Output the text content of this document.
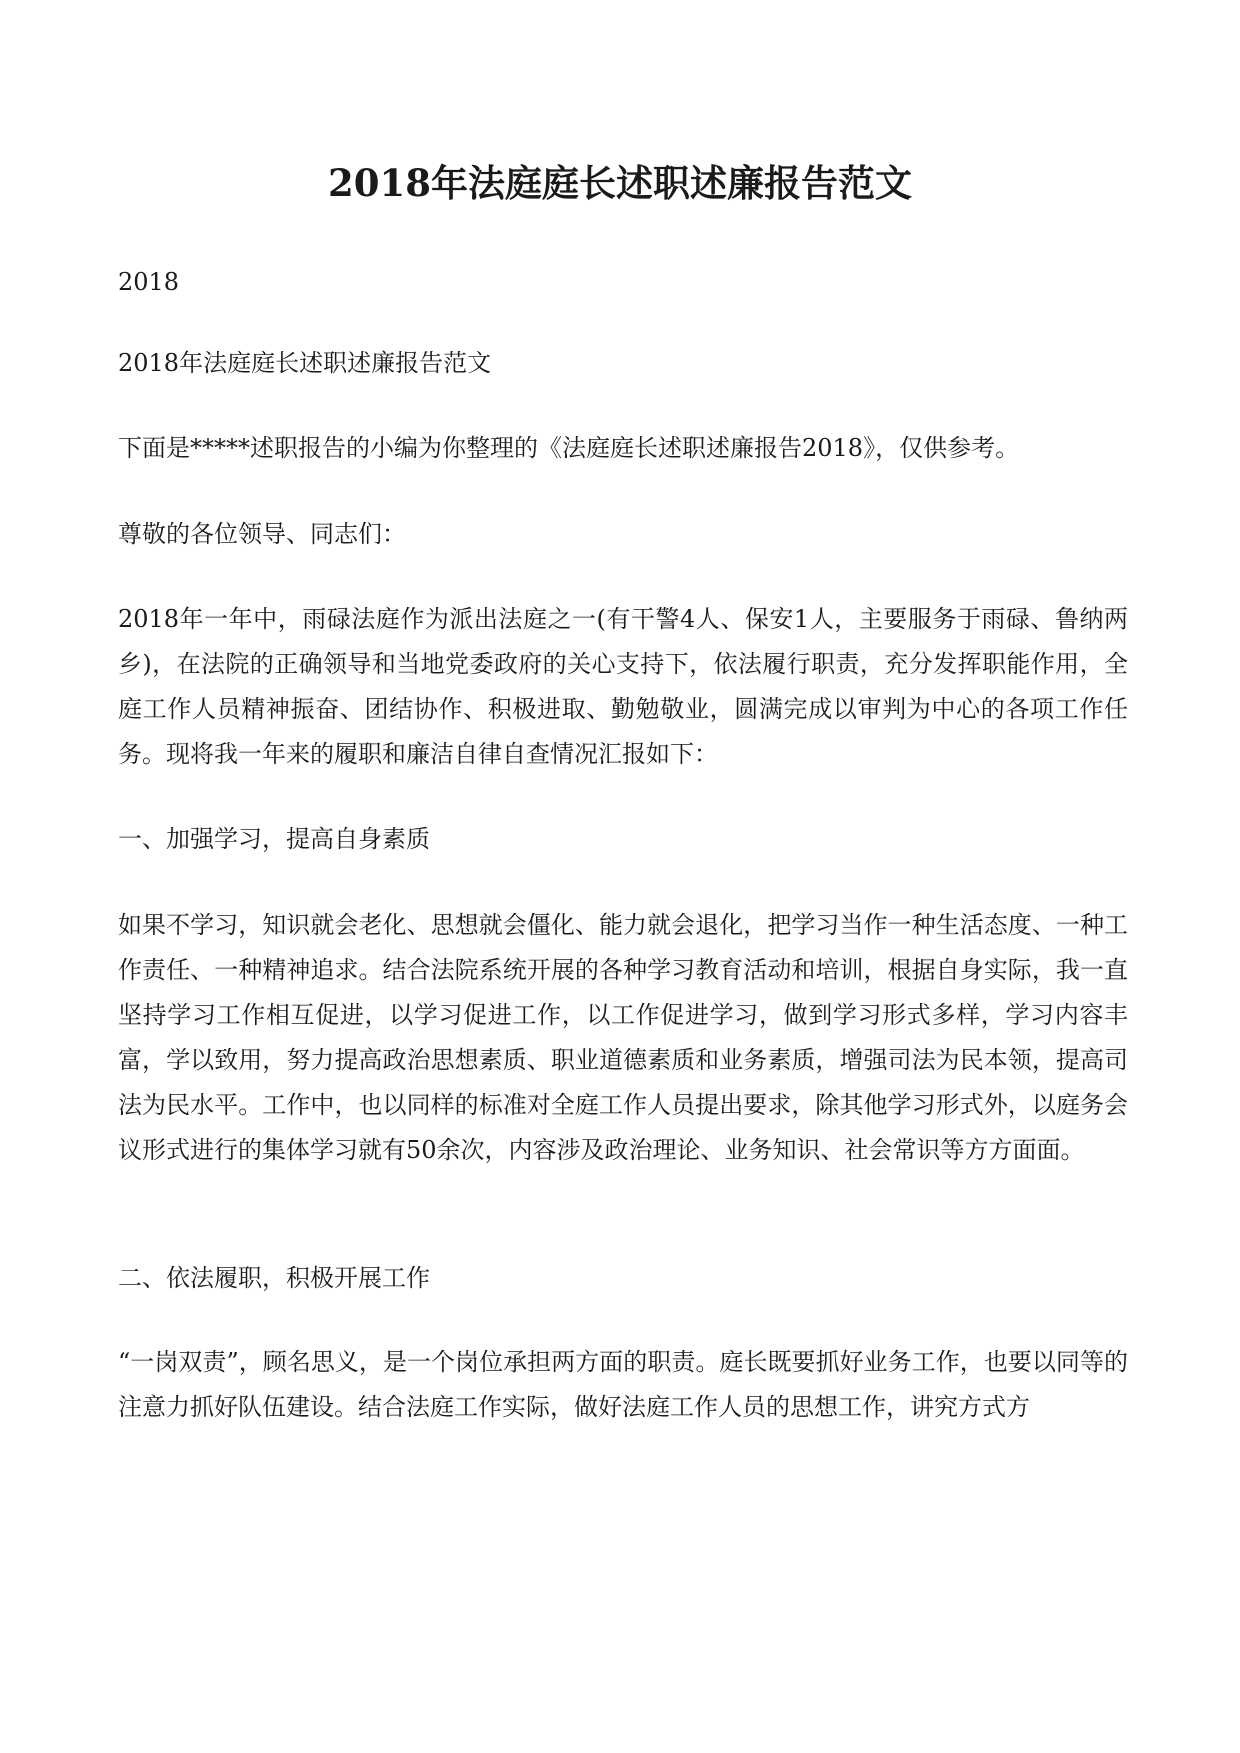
2018年法庭庭长述职述廉报告范文

2018

2018年法庭庭长述职述廉报告范文

下面是*****述职报告的小编为你整理的《法庭庭长述职述廉报告2018》，仅供参考。

尊敬的各位领导、同志们：

2018年一年中，雨碌法庭作为派出法庭之一(有干警4人、保安1人，主要服务于雨碌、鲁纳两乡)，在法院的正确领导和当地党委政府的关心支持下，依法履行职责，充分发挥职能作用，全庭工作人员精神振奋、团结协作、积极进取、勤勉敬业，圆满完成以审判为中心的各项工作任务。现将我一年来的履职和廉洁自律自查情况汇报如下：

一、加强学习，提高自身素质

如果不学习，知识就会老化、思想就会僵化、能力就会退化，把学习当作一种生活态度、一种工作责任、一种精神追求。结合法院系统开展的各种学习教育活动和培训，根据自身实际，我一直坚持学习工作相互促进，以学习促进工作，以工作促进学习，做到学习形式多样，学习内容丰富，学以致用，努力提高政治思想素质、职业道德素质和业务素质，增强司法为民本领，提高司法为民水平。工作中，也以同样的标准对全庭工作人员提出要求，除其他学习形式外，以庭务会议形式进行的集体学习就有50余次，内容涉及政治理论、业务知识、社会常识等方方面面。

二、依法履职，积极开展工作

“一岗双责”，顾名思义，是一个岗位承担两方面的职责。庭长既要抓好业务工作，也要以同等的注意力抓好队伍建设。结合法庭工作实际，做好法庭工作人员的思想工作，讲究方式方
